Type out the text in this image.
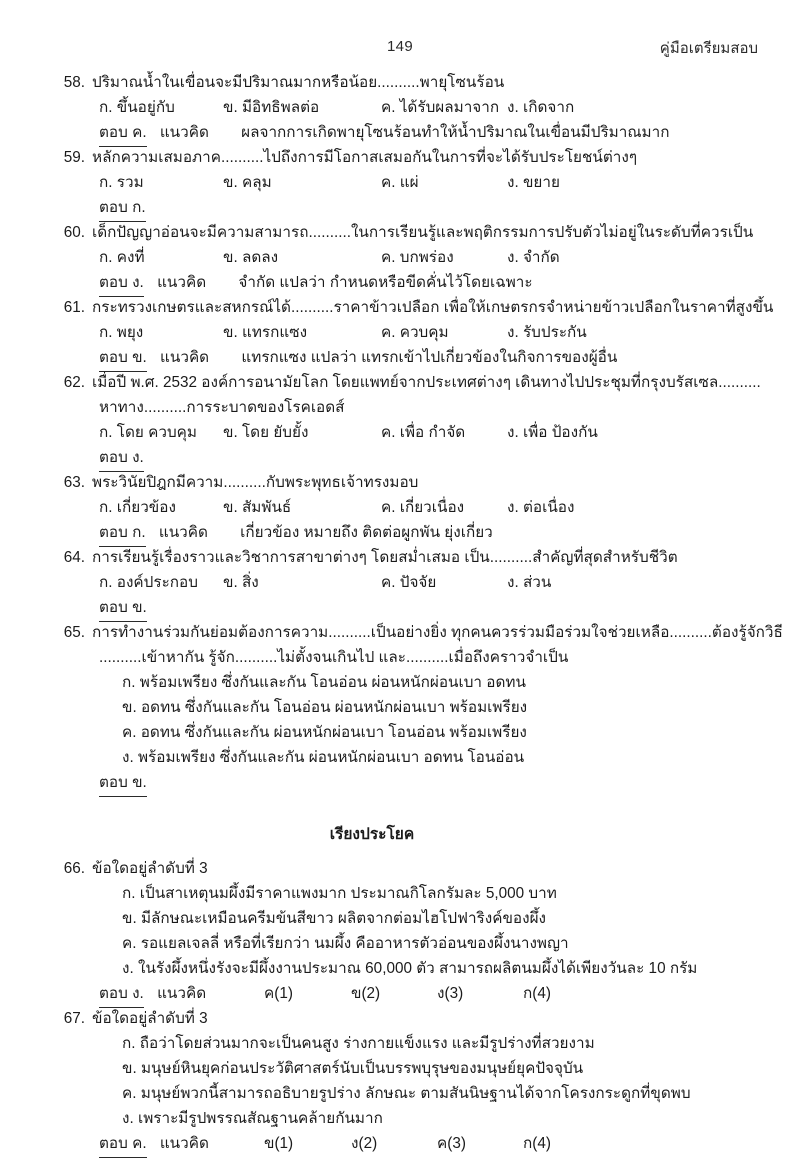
149	คู่มือเตรียมสอบ
58. ปริมาณน้ำในเขื่อนจะมีปริมาณมากหรือน้อย..........พายุโซนร้อน
ก. ขึ้นอยู่กับ	ข. มีอิทธิพลต่อ	ค. ได้รับผลมาจาก ง. เกิดจาก
ตอบ ค. แนวคิด ผลจากการเกิดพายุโซนร้อนทำให้น้ำปริมาณในเขื่อนมีปริมาณมาก
59. หลักความเสมอภาค..........ไปถึงการมีโอกาสเสมอกันในการที่จะได้รับประโยชน์ต่างๆ
ก. รวม	ข. คลุม	ค. แผ่	ง. ขยาย
ตอบ ก.
60. เด็กปัญญาอ่อนจะมีความสามารถ..........ในการเรียนรู้และพฤติกรรมการปรับตัวไม่อยู่ในระดับที่ควรเป็น
ก. คงที่	ข. ลดลง	ค. บกพร่อง	ง. จำกัด
ตอบ ง. แนวคิด จำกัด แปลว่า กำหนดหรือขีดคั่นไว้โดยเฉพาะ
61. กระทรวงเกษตรและสหกรณ์ได้..........ราคาข้าวเปลือก เพื่อให้เกษตรกรจำหน่ายข้าวเปลือกในราคาที่สูงขึ้น
ก. พยุง	ข. แทรกแซง	ค. ควบคุม	ง. รับประกัน
ตอบ ข. แนวคิด แทรกแซง แปลว่า แทรกเข้าไปเกี่ยวข้องในกิจการของผู้อื่น
62. เมื่อปี พ.ศ. 2532 องค์การอนามัยโลก โดยแพทย์จากประเทศต่างๆ เดินทางไปประชุมที่กรุงบรัสเซล..........
หาทาง..........การระบาดของโรคเอดส์
ก. โดย ควบคุม ข. โดย ยับยั้ง	ค. เพื่อ กำจัด	ง. เพื่อ ป้องกัน
ตอบ ง.
63. พระวินัยปิฎกมีความ..........กับพระพุทธเจ้าทรงมอบ
ก. เกี่ยวข้อง	ข. สัมพันธ์	ค. เกี่ยวเนื่อง	ง. ต่อเนื่อง
ตอบ ก. แนวคิด เกี่ยวข้อง หมายถึง ติดต่อผูกพัน ยุ่งเกี่ยว
64. การเรียนรู้เรื่องราวและวิชาการสาขาต่างๆ โดยสม่ำเสมอ เป็น..........สำคัญที่สุดสำหรับชีวิต
ก. องค์ประกอบ ข. สิ่ง	ค. ปัจจัย	ง. ส่วน
ตอบ ข.
65. การทำงานร่วมกันย่อมต้องการความ..........เป็นอย่างยิ่ง ทุกคนควรร่วมมือร่วมใจช่วยเหลือ..........ต้องรู้จักวิธี
..........เข้าหากัน รู้จัก..........ไม่ตั้งจนเกินไป และ..........เมื่อถึงคราวจำเป็น
ก. พร้อมเพรียง ซึ่งกันและกัน โอนอ่อน ผ่อนหนักผ่อนเบา อดทน
ข. อดทน ซึ่งกันและกัน โอนอ่อน ผ่อนหนักผ่อนเบา พร้อมเพรียง
ค. อดทน ซึ่งกันและกัน ผ่อนหนักผ่อนเบา โอนอ่อน พร้อมเพรียง
ง. พร้อมเพรียง ซึ่งกันและกัน ผ่อนหนักผ่อนเบา อดทน โอนอ่อน
ตอบ ข.
เรียงประโยค
66. ข้อใดอยู่ลำดับที่ 3
ก. เป็นสาเหตุนมผึ้งมีราคาแพงมาก ประมาณกิโลกรัมละ 5,000 บาท
ข. มีลักษณะเหมือนครีมข้นสีขาว ผลิตจากต่อมไฮโปฟาริงค์ของผึ้ง
ค. รอแยลเจลลี่ หรือที่เรียกว่า นมผึ้ง คืออาหารตัวอ่อนของผึ้งนางพญา
ง. ในรังผึ้งหนึ่งรังจะมีผึ้งงานประมาณ 60,000 ตัว สามารถผลิตนมผึ้งได้เพียงวันละ 10 กรัม
ตอบ ง. แนวคิด	ค(1)	ข(2)	ง(3)	ก(4)
67. ข้อใดอยู่ลำดับที่ 3
ก. ถือว่าโดยส่วนมากจะเป็นคนสูง ร่างกายแข็งแรง และมีรูปร่างที่สวยงาม
ข. มนุษย์หินยุคก่อนประวัติศาสตร์นับเป็นบรรพบุรุษของมนุษย์ยุคปัจจุบัน
ค. มนุษย์พวกนี้สามารถอธิบายรูปร่าง ลักษณะ ตามสันนิษฐานได้จากโครงกระดูกที่ขุดพบ
ง. เพราะมีรูปพรรณสัณฐานคล้ายกันมาก
ตอบ ค. แนวคิด	ข(1)	ง(2)	ค(3)	ก(4)
